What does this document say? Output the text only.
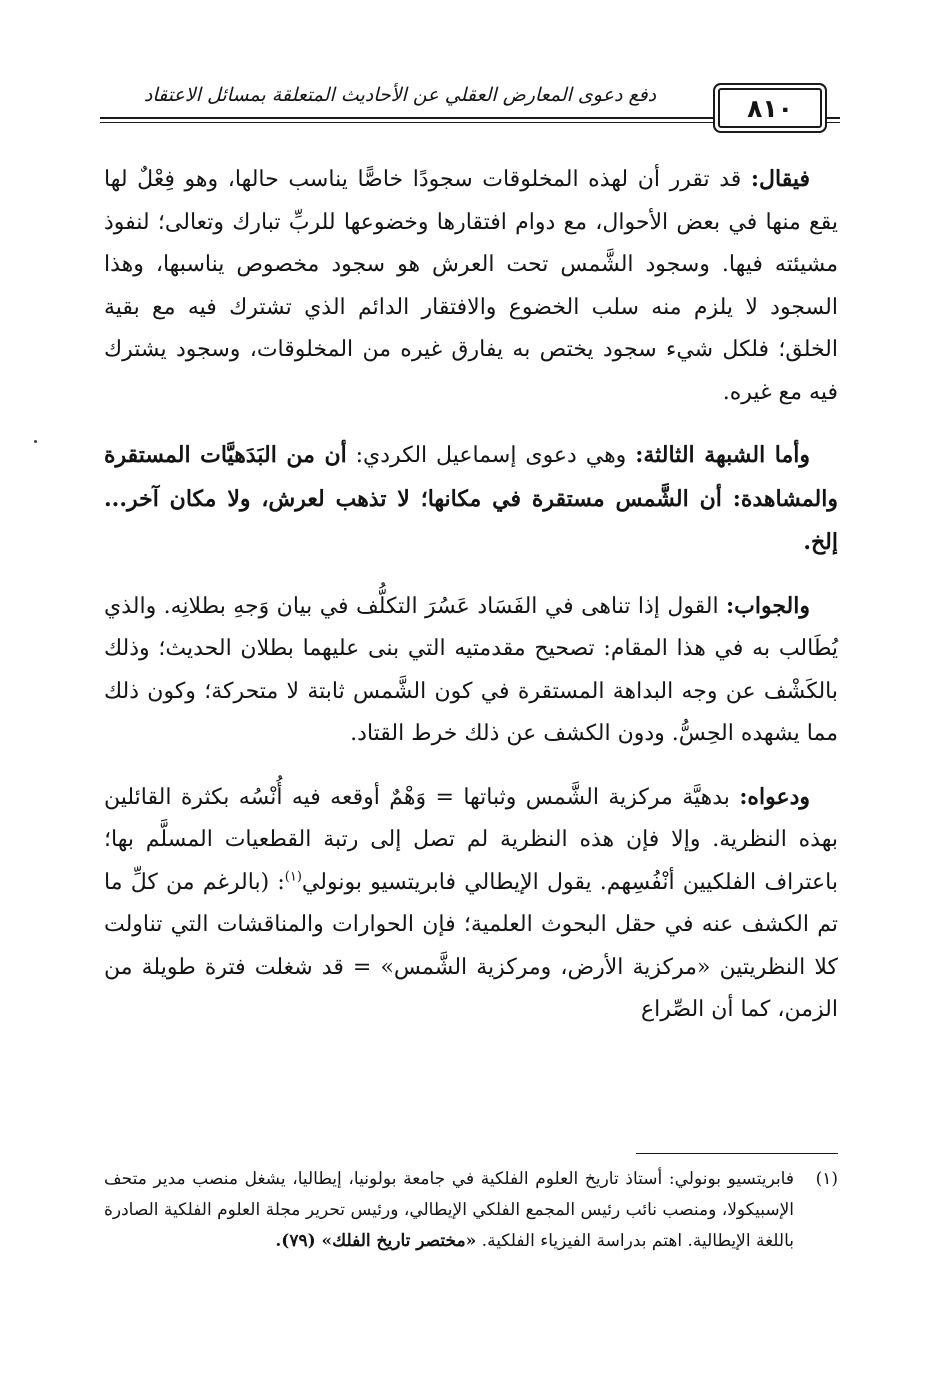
دفع دعوى المعارض العقلي عن الأحاديث المتعلقة بمسائل الاعتقاد	٨١٠

فيقال: قد تقرر أن لهذه المخلوقات سجودًا خاصًّا يناسب حالها، وهو فِعْلٌ لها يقع منها في بعض الأحوال، مع دوام افتقارها وخضوعها للربِّ تبارك وتعالى؛ لنفوذ مشيئته فيها. وسجود الشَّمس تحت العرش هو سجود مخصوص يناسبها، وهذا السجود لا يلزم منه سلب الخضوع والافتقار الدائم الذي تشترك فيه مع بقية الخلق؛ فلكل شيء سجود يختص به يفارق غيره من المخلوقات، وسجود يشترك فيه مع غيره.

وأما الشبهة الثالثة: وهي دعوى إسماعيل الكردي: أن من البَدَهيَّات المستقرة والمشاهدة: أن الشَّمس مستقرة في مكانها؛ لا تذهب لعرش، ولا مكان آخر... إلخ.

والجواب: القول إذا تناهى في الفَسَاد عَسُرَ التكلُّف في بيان وَجهِ بطلانِه. والذي يُطَالب به في هذا المقام: تصحيح مقدمتيه التي بنى عليهما بطلان الحديث؛ وذلك بالكَشْف عن وجه البداهة المستقرة في كون الشَّمس ثابتة لا متحركة؛ وكون ذلك مما يشهده الحِسُّ. ودون الكشف عن ذلك خرط القتاد.

ودعواه: بدهيَّة مركزية الشَّمس وثباتها = وَهْمٌ أوقعه فيه أُنْسُه بكثرة القائلين بهذه النظرية. وإلا فإن هذه النظرية لم تصل إلى رتبة القطعيات المسلَّم بها؛ باعتراف الفلكيين أنْفُسِهم. يقول الإيطالي فابريتسيو بونولي$^{(١)}$: (بالرغم من كلِّ ما تم الكشف عنه في حقل البحوث العلمية؛ فإن الحوارات والمناقشات التي تناولت كلا النظريتين «مركزية الأرض، ومركزية الشَّمس» = قد شغلت فترة طويلة من الزمن، كما أن الصِّراع

(١)
فابريتسيو بونولي: أستاذ تاريخ العلوم الفلكية في جامعة بولونيا، إيطاليا، يشغل منصب مدير متحف الإسبيكولا، ومنصب نائب رئيس المجمع الفلكي الإيطالي، ورئيس تحرير مجلة العلوم الفلكية الصادرة باللغة الإيطالية. اهتم بدراسة الفيزياء الفلكية. «مختصر تاريخ الفلك» (٧٩).
